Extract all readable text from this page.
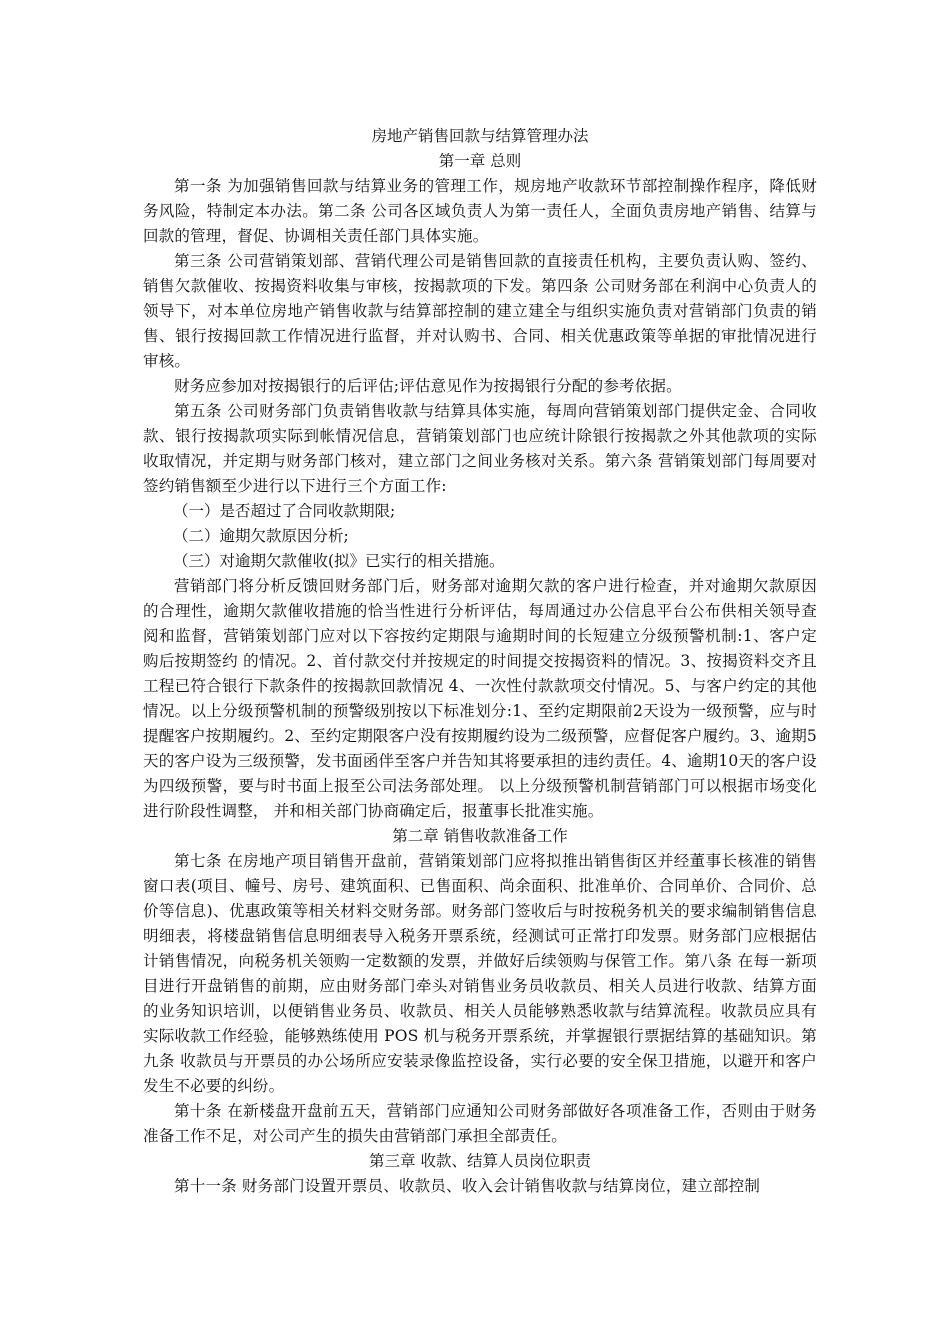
房地产销售回款与结算管理办法

第一章 总则

第一条 为加强销售回款与结算业务的管理工作，规房地产收款环节部控制操作程序，降低财务风险，特制定本办法。第二条 公司各区域负责人为第一责任人，全面负责房地产销售、结算与回款的管理，督促、协调相关责任部门具体实施。

第三条 公司营销策划部、营销代理公司是销售回款的直接责任机构，主要负责认购、签约、销售欠款催收、按揭资料收集与审核，按揭款项的下发。第四条 公司财务部在利润中心负责人的领导下，对本单位房地产销售收款与结算部控制的建立建全与组织实施负责对营销部门负责的销售、银行按揭回款工作情况进行监督，并对认购书、合同、相关优惠政策等单据的审批情况进行审核。

财务应参加对按揭银行的后评估;评估意见作为按揭银行分配的参考依据。

第五条 公司财务部门负责销售收款与结算具体实施，每周向营销策划部门提供定金、合同收款、银行按揭款项实际到帐情况信息，营销策划部门也应统计除银行按揭款之外其他款项的实际收取情况，并定期与财务部门核对，建立部门之间业务核对关系。第六条 营销策划部门每周要对签约销售额至少进行以下进行三个方面工作:

（一）是否超过了合同收款期限;

（二）逾期欠款原因分析;

（三）对逾期欠款催收(拟》已实行的相关措施。

营销部门将分析反馈回财务部门后，财务部对逾期欠款的客户进行检查，并对逾期欠款原因的合理性，逾期欠款催收措施的恰当性进行分析评估，每周通过办公信息平台公布供相关领导查阅和监督，营销策划部门应对以下容按约定期限与逾期时间的长短建立分级预警机制:1、客户定购后按期签约 的情况。2、首付款交付并按规定的时间提交按揭资料的情况。3、按揭资料交齐且工程已符合银行下款条件的按揭款回款情况 4、一次性付款款项交付情况。5、与客户约定的其他情况。以上分级预警机制的预警级别按以下标准划分:1、至约定期限前2天设为一级预警，应与时提醒客户按期履约。2、至约定期限客户没有按期履约设为二级预警，应督促客户履约。3、逾期5天的客户设为三级预警，发书面函伴至客户并告知其将要承担的违约责任。4、逾期10天的客户设为四级预警，要与时书面上报至公司法务部处理。 以上分级预警机制营销部门可以根据市场变化进行阶段性调整， 并和相关部门协商确定后，报董事长批准实施。

第二章 销售收款准备工作

第七条 在房地产项目销售开盘前，营销策划部门应将拟推出销售街区并经董事长核准的销售窗口表(项目、幢号、房号、建筑面积、已售面积、尚余面积、批准单价、合同单价、合同价、总价等信息)、优惠政策等相关材料交财务部。财务部门签收后与时按税务机关的要求编制销售信息明细表，将楼盘销售信息明细表导入税务开票系统，经测试可正常打印发票。财务部门应根据估计销售情况，向税务机关领购一定数额的发票，并做好后续领购与保管工作。第八条 在每一新项目进行开盘销售的前期，应由财务部门牵头对销售业务员收款员、相关人员进行收款、结算方面的业务知识培训，以便销售业务员、收款员、相关人员能够熟悉收款与结算流程。收款员应具有实际收款工作经验，能够熟练使用 POS 机与税务开票系统，并掌握银行票据结算的基础知识。第九条 收款员与开票员的办公场所应安装录像监控设备，实行必要的安全保卫措施，以避开和客户发生不必要的纠纷。

第十条 在新楼盘开盘前五天，营销部门应通知公司财务部做好各项准备工作，否则由于财务准备工作不足，对公司产生的损失由营销部门承担全部责任。

第三章 收款、结算人员岗位职责

第十一条 财务部门设置开票员、收款员、收入会计销售收款与结算岗位，建立部控制
